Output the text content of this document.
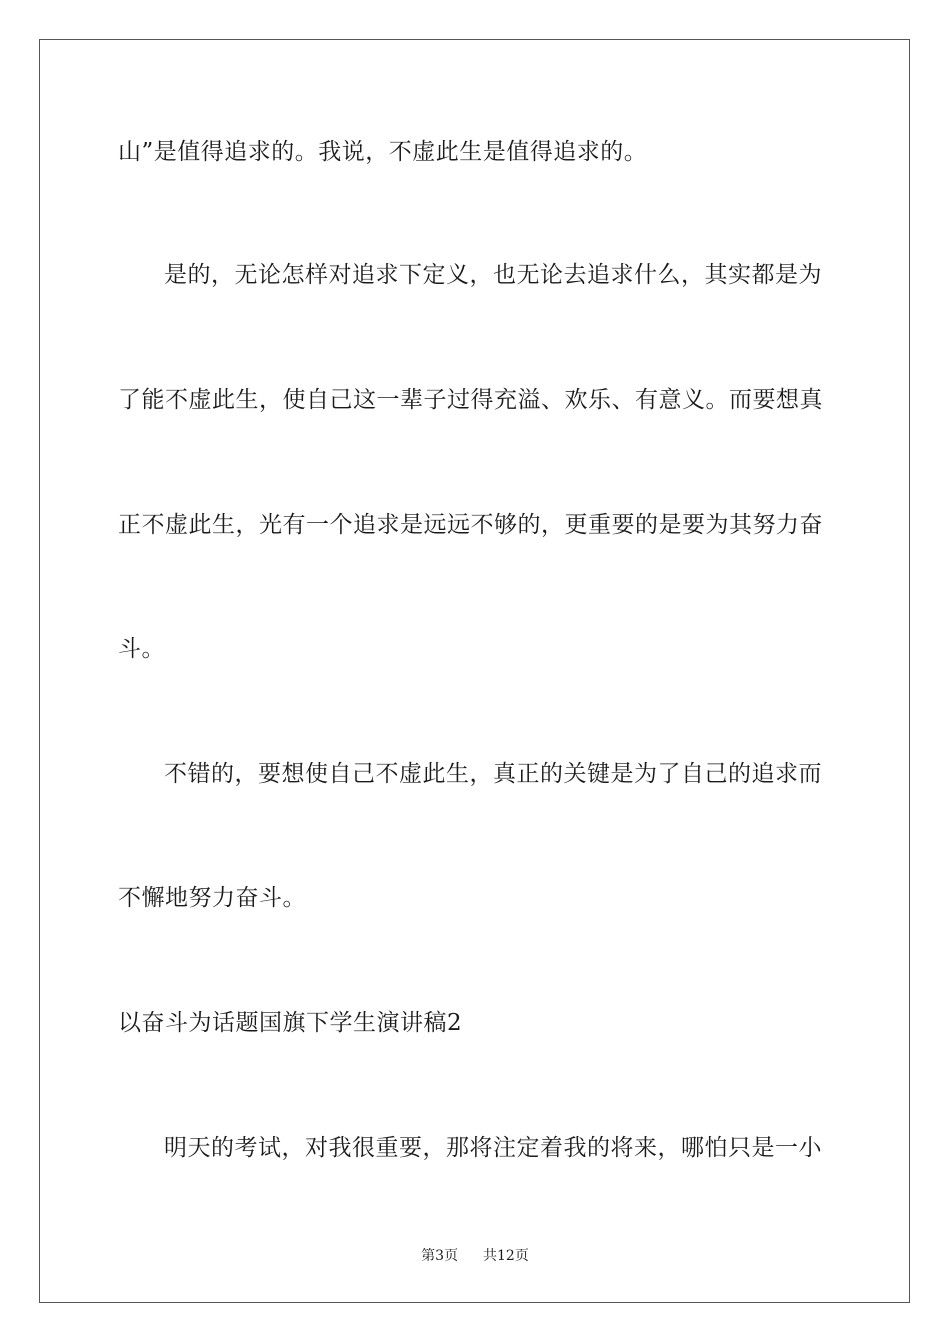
山”是值得追求的。我说，不虚此生是值得追求的。
是的，无论怎样对追求下定义，也无论去追求什么，其实都是为
了能不虚此生，使自己这一辈子过得充溢、欢乐、有意义。而要想真
正不虚此生，光有一个追求是远远不够的，更重要的是要为其努力奋
斗。
不错的，要想使自己不虚此生，真正的关键是为了自己的追求而
不懈地努力奋斗。
以奋斗为话题国旗下学生演讲稿2
明天的考试，对我很重要，那将注定着我的将来，哪怕只是一小
第3页 共12页
